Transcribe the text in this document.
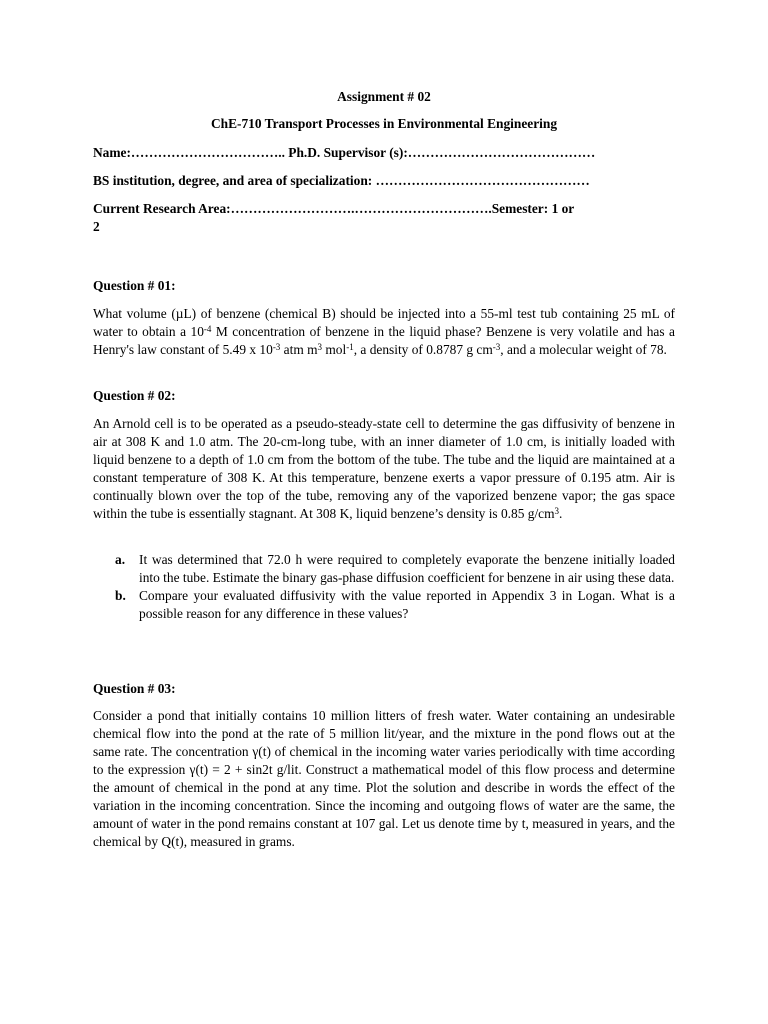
Assignment # 02
ChE-710 Transport Processes in Environmental Engineering
Name:…………………………….. Ph.D. Supervisor (s):……………………………………
BS institution, degree, and area of specialization: …………………………………………
Current Research Area:……………………….………………………….Semester: 1 or
2
Question # 01:
What volume (µL) of benzene (chemical B) should be injected into a 55-ml test tub containing 25 mL of water to obtain a $10^{-4}$ M concentration of benzene in the liquid phase? Benzene is very volatile and has a Henry's law constant of 5.49 x $10^{-3}$ atm $m^3$ mol$^{-1}$, a density of 0.8787 g $cm^{-3}$, and a molecular weight of 78.
Question # 02:
An Arnold cell is to be operated as a pseudo-steady-state cell to determine the gas diffusivity of benzene in air at 308 K and 1.0 atm. The 20-cm-long tube, with an inner diameter of 1.0 cm, is initially loaded with liquid benzene to a depth of 1.0 cm from the bottom of the tube. The tube and the liquid are maintained at a constant temperature of 308 K. At this temperature, benzene exerts a vapor pressure of 0.195 atm. Air is continually blown over the top of the tube, removing any of the vaporized benzene vapor; the gas space within the tube is essentially stagnant. At 308 K, liquid benzene’s density is 0.85 $g/cm^3$.
a. It was determined that 72.0 h were required to completely evaporate the benzene initially loaded into the tube. Estimate the binary gas-phase diffusion coefficient for benzene in air using these data.
b. Compare your evaluated diffusivity with the value reported in Appendix 3 in Logan. What is a possible reason for any difference in these values?
Question # 03:
Consider a pond that initially contains 10 million litters of fresh water. Water containing an undesirable chemical flow into the pond at the rate of 5 million lit/year, and the mixture in the pond flows out at the same rate. The concentration γ(t) of chemical in the incoming water varies periodically with time according to the expression γ(t) = 2 + sin2t g/lit. Construct a mathematical model of this flow process and determine the amount of chemical in the pond at any time. Plot the solution and describe in words the effect of the variation in the incoming concentration. Since the incoming and outgoing flows of water are the same, the amount of water in the pond remains constant at 107 gal. Let us denote time by t, measured in years, and the chemical by Q(t), measured in grams.
